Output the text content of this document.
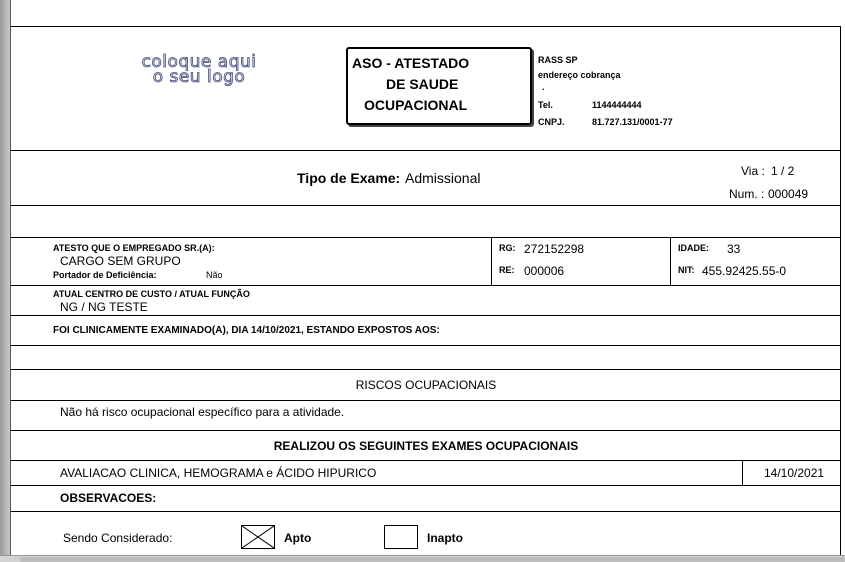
coloque aqui
o seu logo
ASO - ATESTADO
DE SAUDE
OCUPACIONAL
RASS SP
endereço cobrança
.
Tel.	1144444444
CNPJ.	81.727.131/0001-77
Tipo de Exame: Admissional	Via : 1 / 2
Num. : 000049
ATESTO QUE O EMPREGADO SR.(A):
CARGO SEM GRUPO
Portador de Deficiência:	Não
RG: 272152298
RE: 000006
IDADE: 33
NIT: 455.92425.55-0
ATUAL CENTRO DE CUSTO / ATUAL FUNÇÃO
NG / NG TESTE
FOI CLINICAMENTE EXAMINADO(A), DIA 14/10/2021, ESTANDO EXPOSTOS AOS:
RISCOS OCUPACIONAIS
Não há risco ocupacional específico para a atividade.
REALIZOU OS SEGUINTES EXAMES OCUPACIONAIS
AVALIACAO CLINICA, HEMOGRAMA e ÁCIDO HIPURICO	14/10/2021
OBSERVACOES:
Sendo Considerado:	Apto	Inapto
